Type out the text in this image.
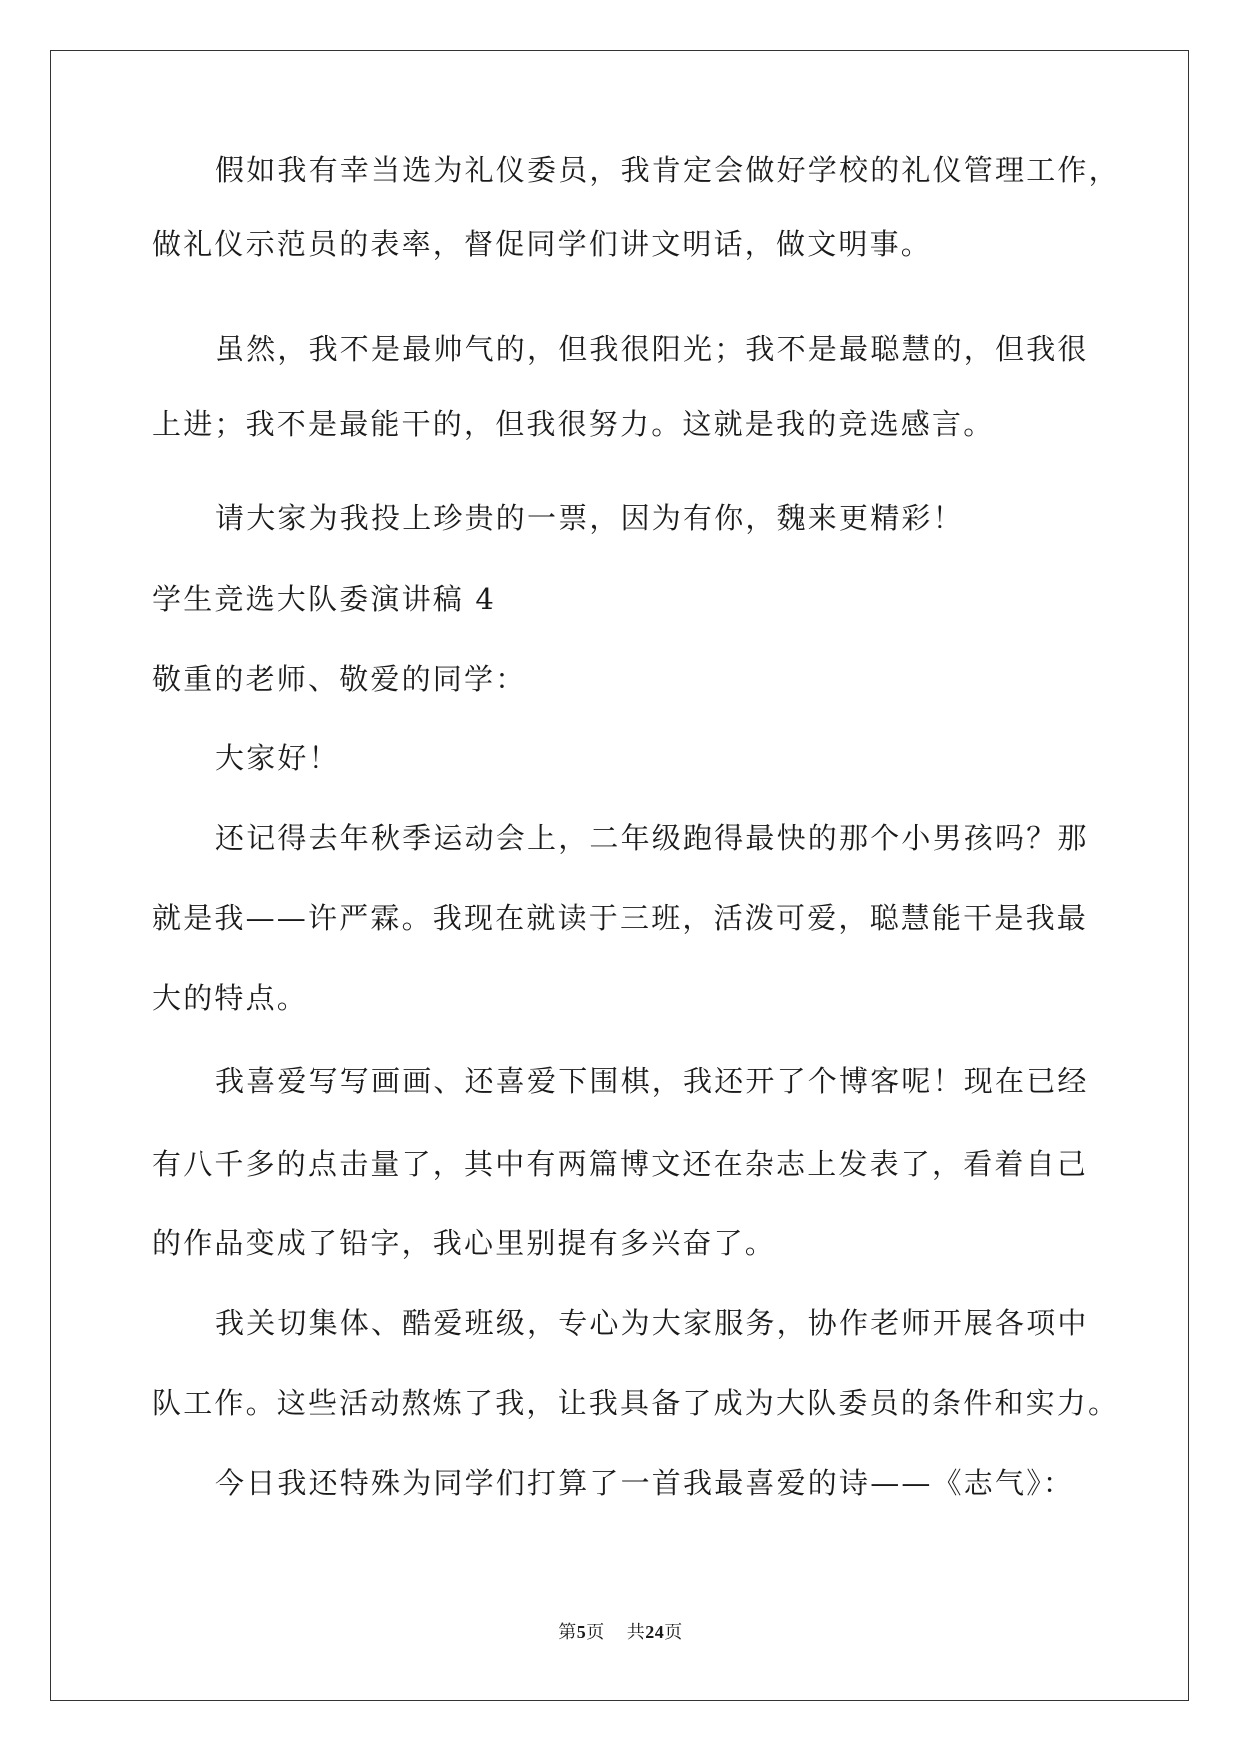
假如我有幸当选为礼仪委员，我肯定会做好学校的礼仪管理工作，
做礼仪示范员的表率，督促同学们讲文明话，做文明事。
虽然，我不是最帅气的，但我很阳光；我不是最聪慧的，但我很
上进；我不是最能干的，但我很努力。这就是我的竞选感言。
请大家为我投上珍贵的一票，因为有你，魏来更精彩！
学生竞选大队委演讲稿 4
敬重的老师、敬爱的同学：
大家好！
还记得去年秋季运动会上，二年级跑得最快的那个小男孩吗？那
就是我——许严霖。我现在就读于三班，活泼可爱，聪慧能干是我最
大的特点。
我喜爱写写画画、还喜爱下围棋，我还开了个博客呢！现在已经
有八千多的点击量了，其中有两篇博文还在杂志上发表了，看着自己
的作品变成了铅字，我心里别提有多兴奋了。
我关切集体、酷爱班级，专心为大家服务，协作老师开展各项中
队工作。这些活动熬炼了我，让我具备了成为大队委员的条件和实力。
今日我还特殊为同学们打算了一首我最喜爱的诗——《志气》：
第5页 共24页
